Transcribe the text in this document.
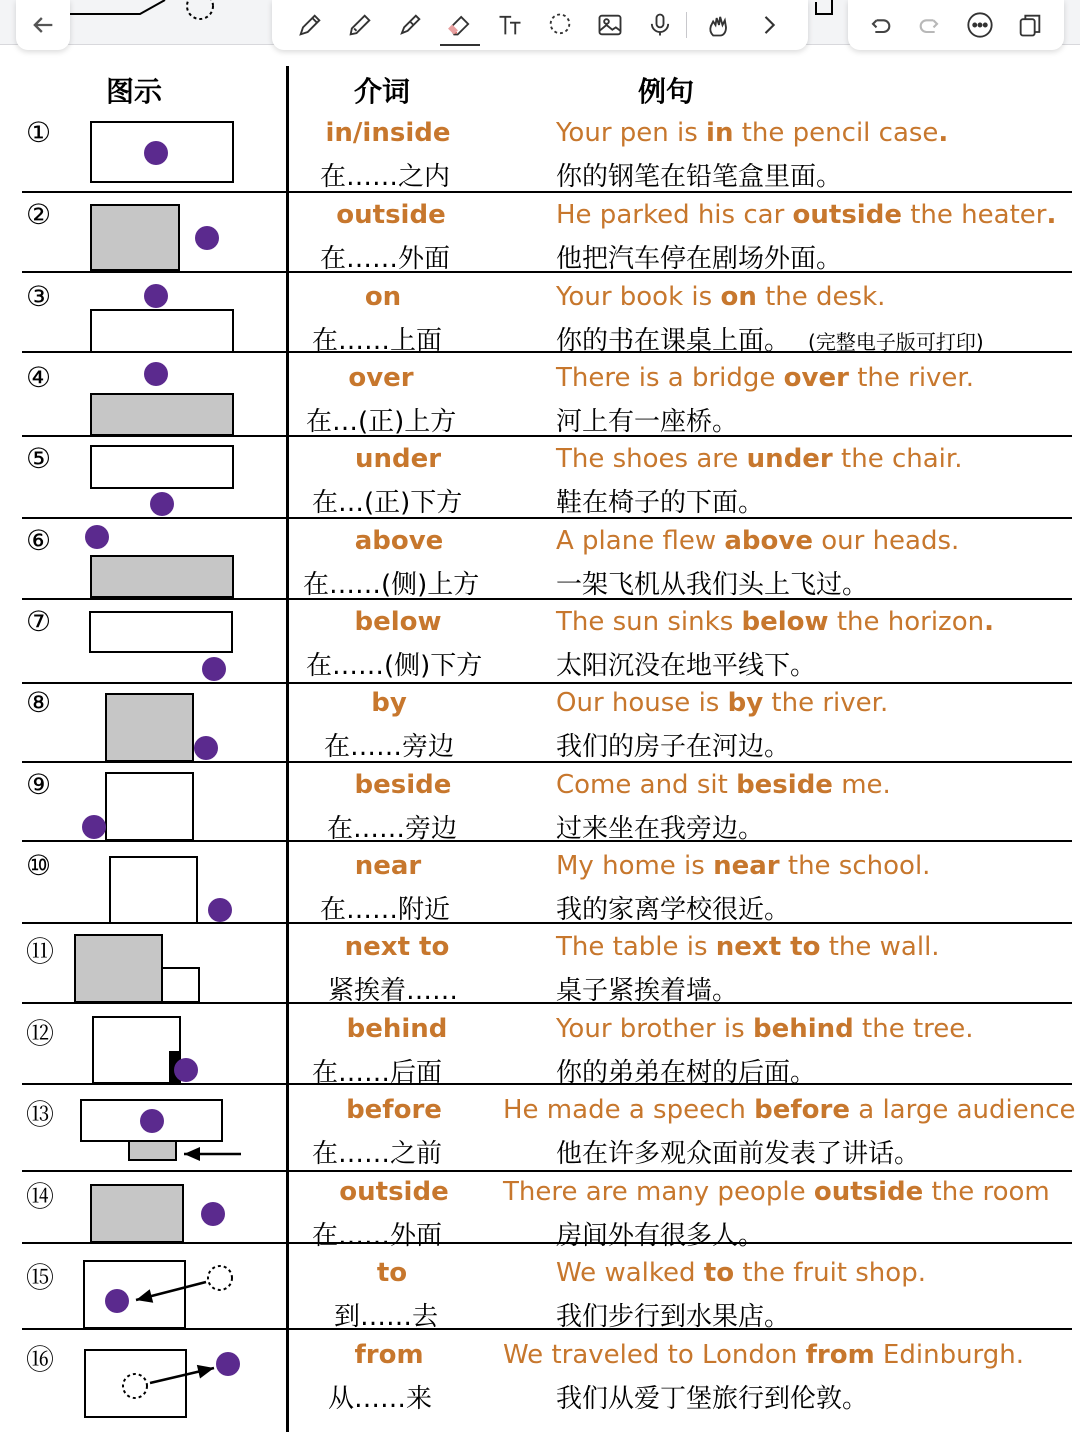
图示	介词	例句
①	in/inside
在……之内
Your pen is in the pencil case.
你的钢笔在铅笔盒里面。
②	outside
在……外面
He parked his car outside the heater.
他把汽车停在剧场外面。
③	on
在……上面
Your book is on the desk.
你的书在课桌上面。 (完整电子版可打印)
④	over
在…(正)上方
There is a bridge over the river.
河上有一座桥。
⑤	under
在…(正)下方
The shoes are under the chair.
鞋在椅子的下面。
⑥	above
在……(侧)上方
A plane flew above our heads.
一架飞机从我们头上飞过。
⑦	below
在……(侧)下方
The sun sinks below the horizon.
太阳沉没在地平线下。
⑧	by
在……旁边
Our house is by the river.
我们的房子在河边。
⑨	beside
在……旁边
Come and sit beside me.
过来坐在我旁边。
⑩	near
在……附近
My home is near the school.
我的家离学校很近。
⑪	next to
紧挨着……
The table is next to the wall.
桌子紧挨着墙。
⑫	behind
在……后面
Your brother is behind the tree.
你的弟弟在树的后面。
⑬	before
在……之前
He made a speech before a large audience
他在许多观众面前发表了讲话。
⑭	outside
在……外面
There are many people outside the room
房间外有很多人。
⑮	to
到……去
We walked to the fruit shop.
我们步行到水果店。
⑯	from
从……来
We traveled to London from Edinburgh.
我们从爱丁堡旅行到伦敦。
